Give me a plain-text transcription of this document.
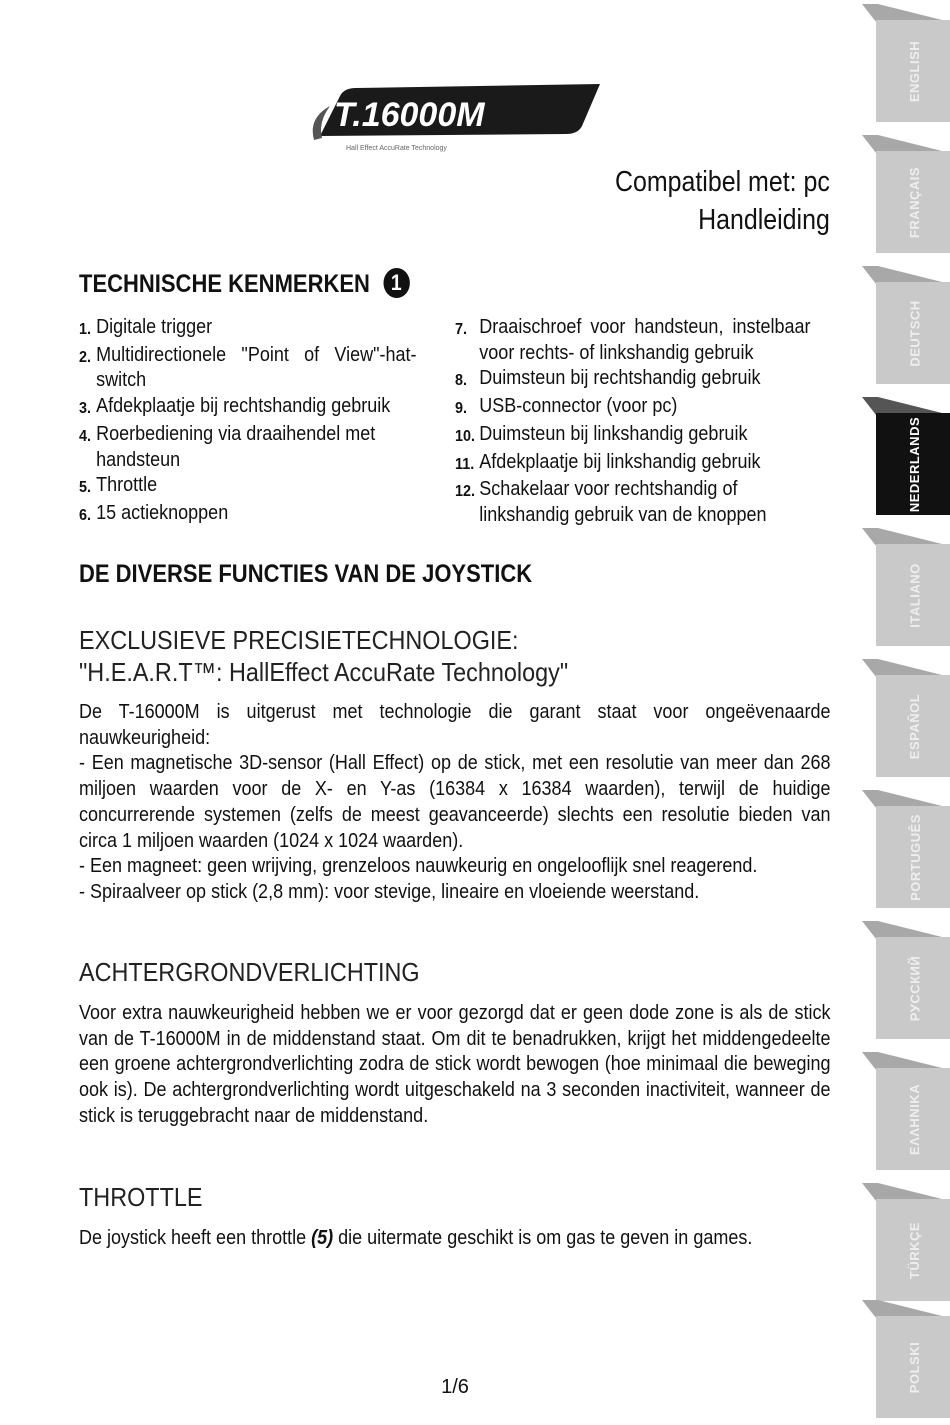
T.16000M
Hall Effect AccuRate Technology
Compatibel met: pc
Handleiding
TECHNISCHE KENMERKEN 1
1. Digitale trigger
2. Multidirectionele "Point of View"-hat-switch
3. Afdekplaatje bij rechtshandig gebruik
4. Roerbediening via draaihendel met handsteun
5. Throttle
6. 15 actieknoppen
7. Draaischroef voor handsteun, instelbaar voor rechts- of linkshandig gebruik
8. Duimsteun bij rechtshandig gebruik
9. USB-connector (voor pc)
10. Duimsteun bij linkshandig gebruik
11. Afdekplaatje bij linkshandig gebruik
12. Schakelaar voor rechtshandig of linkshandig gebruik van de knoppen
DE DIVERSE FUNCTIES VAN DE JOYSTICK
EXCLUSIEVE PRECISIETECHNOLOGIE:
"H.E.A.R.T™: HallEffect AccuRate Technology"

De T-16000M is uitgerust met technologie die garant staat voor ongeëvenaarde nauwkeurigheid:

- Een magnetische 3D-sensor (Hall Effect) op de stick, met een resolutie van meer dan 268 miljoen waarden voor de X- en Y-as (16384 x 16384 waarden), terwijl de huidige concurrerende systemen (zelfs de meest geavanceerde) slechts een resolutie bieden van circa 1 miljoen waarden (1024 x 1024 waarden).

- Een magneet: geen wrijving, grenzeloos nauwkeurig en ongelooflijk snel reagerend.

- Spiraalveer op stick (2,8 mm): voor stevige, lineaire en vloeiende weerstand.

ACHTERGRONDVERLICHTING

Voor extra nauwkeurigheid hebben we er voor gezorgd dat er geen dode zone is als de stick van de T-16000M in de middenstand staat. Om dit te benadrukken, krijgt het middengedeelte een groene achtergrondverlichting zodra de stick wordt bewogen (hoe minimaal die beweging ook is). De achtergrondverlichting wordt uitgeschakeld na 3 seconden inactiviteit, wanneer de stick is teruggebracht naar de middenstand.

THROTTLE

De joystick heeft een throttle (5) die uitermate geschikt is om gas te geven in games.

1/6
ENGLISH
FRANÇAIS
DEUTSCH
NEDERLANDS
ITALIANO
ESPAÑOL
PORTUGUÊS
РУССКИЙ
ΕΛΛΗΝΙΚΑ
TÜRKÇE
POLSKI
